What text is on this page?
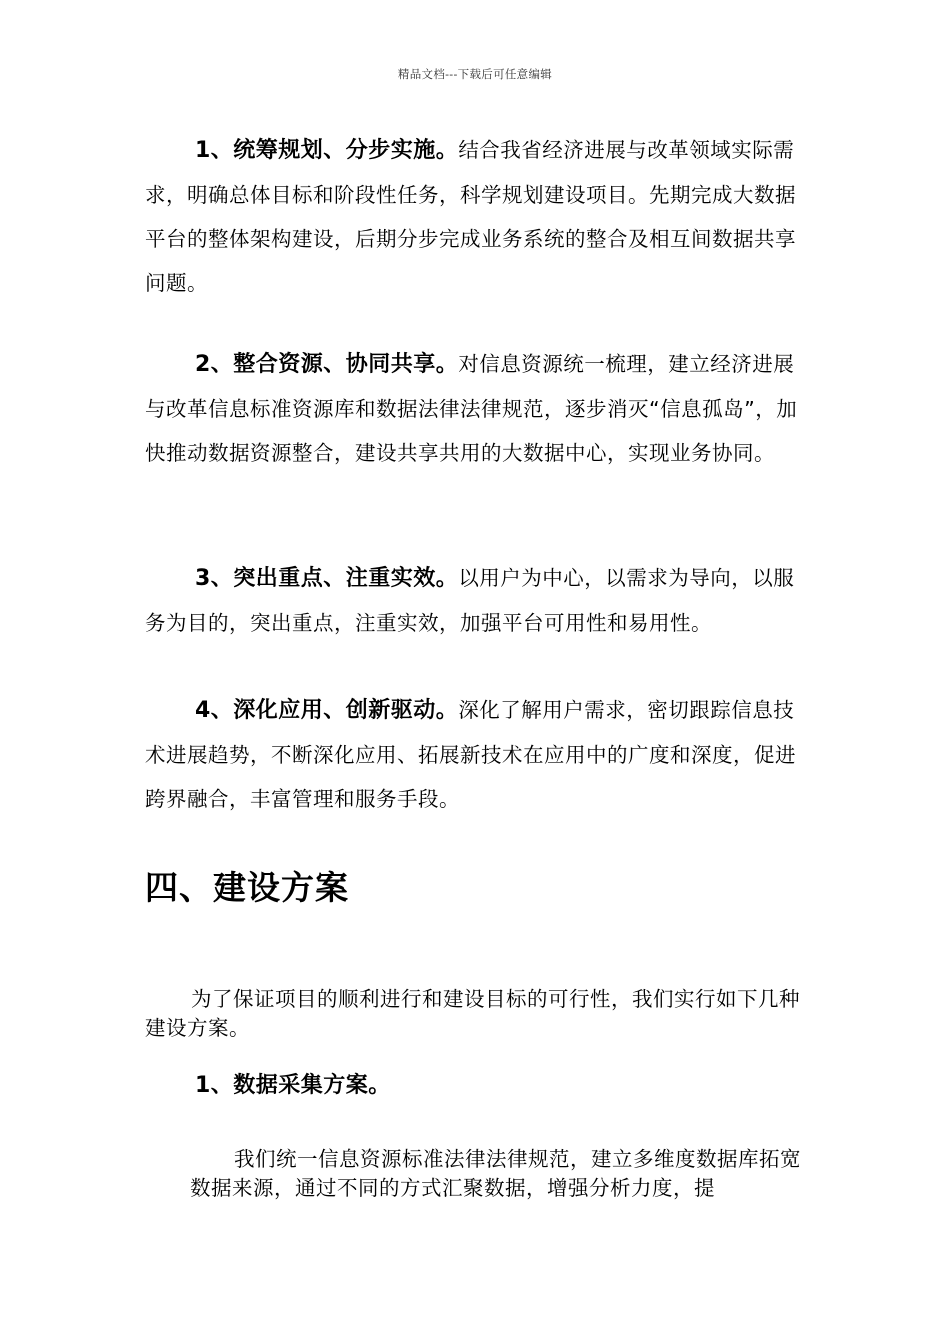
精品文档---下载后可任意编辑

1、统筹规划、分步实施。结合我省经济进展与改革领域实际需求，明确总体目标和阶段性任务，科学规划建设项目。先期完成大数据平台的整体架构建设，后期分步完成业务系统的整合及相互间数据共享问题。

2、整合资源、协同共享。对信息资源统一梳理，建立经济进展与改革信息标准资源库和数据法律法律规范，逐步消灭“信息孤岛”，加快推动数据资源整合，建设共享共用的大数据中心，实现业务协同。

3、突出重点、注重实效。以用户为中心，以需求为导向，以服务为目的，突出重点，注重实效，加强平台可用性和易用性。

4、深化应用、创新驱动。深化了解用户需求，密切跟踪信息技术进展趋势，不断深化应用、拓展新技术在应用中的广度和深度，促进跨界融合，丰富管理和服务手段。

四、建设方案

为了保证项目的顺利进行和建设目标的可行性，我们实行如下几种建设方案。

1、数据采集方案。

我们统一信息资源标准法律法律规范，建立多维度数据库拓宽数据来源，通过不同的方式汇聚数据，增强分析力度，提
